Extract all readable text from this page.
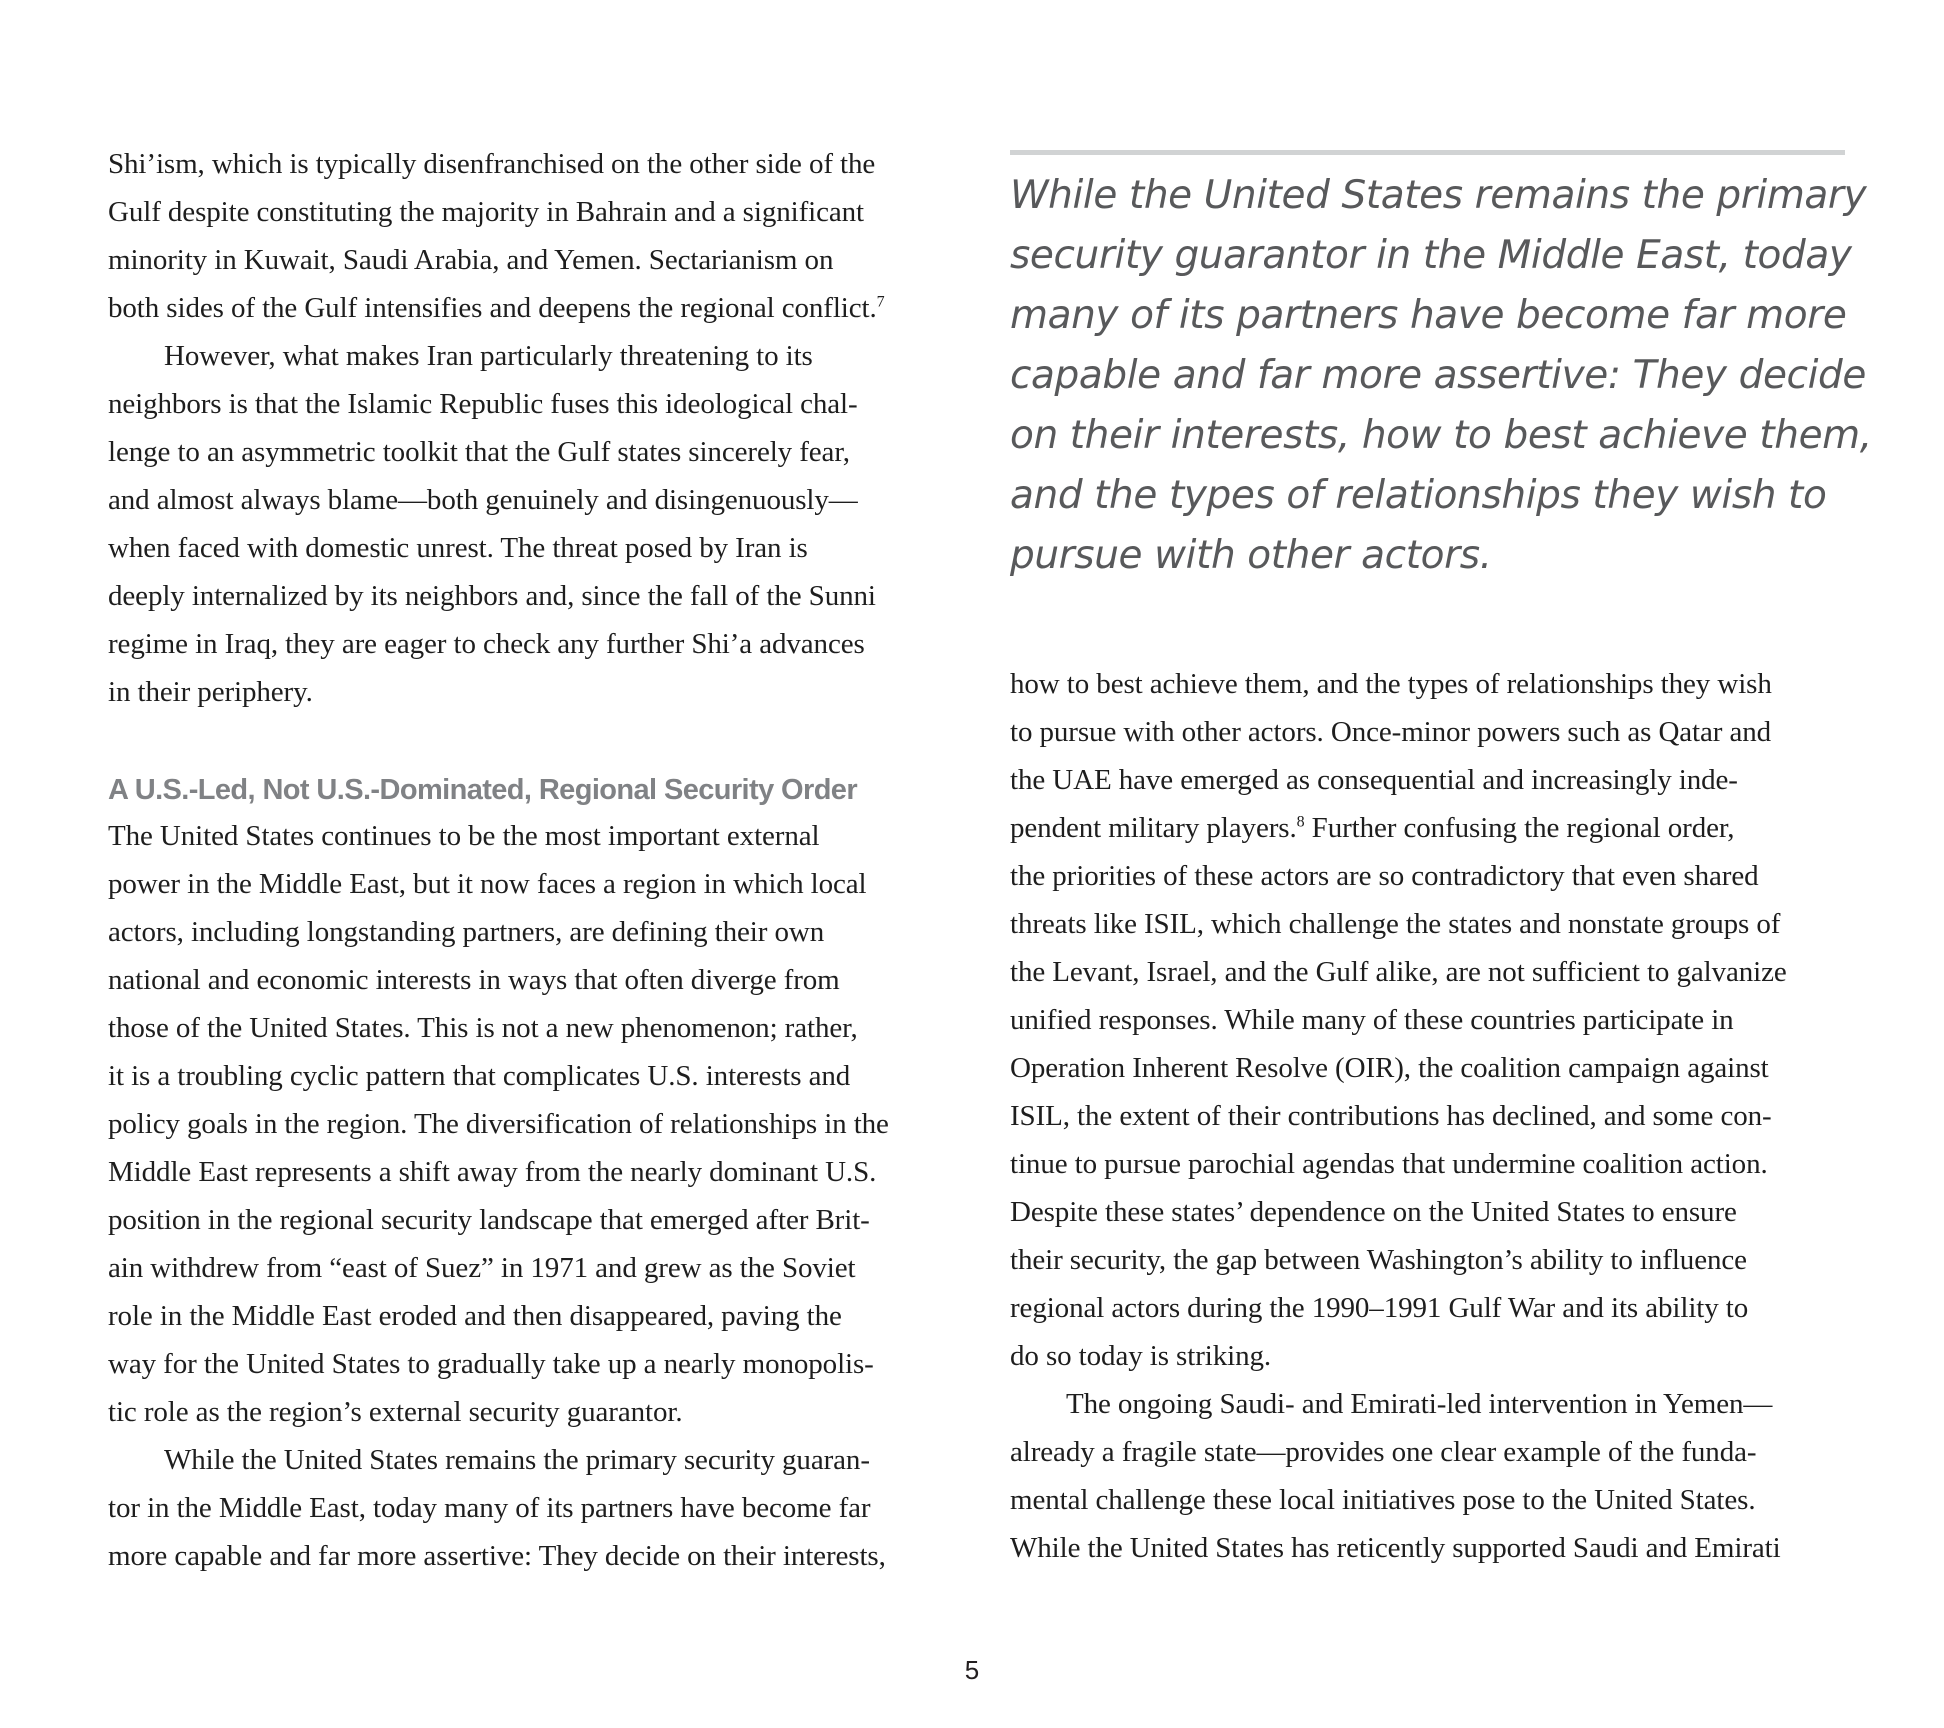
Shi’ism, which is typically disenfranchised on the other side of the
Gulf despite constituting the majority in Bahrain and a significant
minority in Kuwait, Saudi Arabia, and Yemen. Sectarianism on
both sides of the Gulf intensifies and deepens the regional conflict.$^7$
However, what makes Iran particularly threatening to its
neighbors is that the Islamic Republic fuses this ideological chal-
lenge to an asymmetric toolkit that the Gulf states sincerely fear,
and almost always blame—both genuinely and disingenuously—
when faced with domestic unrest. The threat posed by Iran is
deeply internalized by its neighbors and, since the fall of the Sunni
regime in Iraq, they are eager to check any further Shi’a advances
in their periphery.
A U.S.-Led, Not U.S.-Dominated, Regional Security Order
The United States continues to be the most important external
power in the Middle East, but it now faces a region in which local
actors, including longstanding partners, are defining their own
national and economic interests in ways that often diverge from
those of the United States. This is not a new phenomenon; rather,
it is a troubling cyclic pattern that complicates U.S. interests and
policy goals in the region. The diversification of relationships in the
Middle East represents a shift away from the nearly dominant U.S.
position in the regional security landscape that emerged after Brit-
ain withdrew from “east of Suez” in 1971 and grew as the Soviet
role in the Middle East eroded and then disappeared, paving the
way for the United States to gradually take up a nearly monopolis-
tic role as the region’s external security guarantor.
While the United States remains the primary security guaran-
tor in the Middle East, today many of its partners have become far
more capable and far more assertive: They decide on their interests,
While the United States remains the primary
security guarantor in the Middle East, today
many of its partners have become far more
capable and far more assertive: They decide
on their interests, how to best achieve them,
and the types of relationships they wish to
pursue with other actors.
how to best achieve them, and the types of relationships they wish
to pursue with other actors. Once-minor powers such as Qatar and
the UAE have emerged as consequential and increasingly inde-
pendent military players.$^8$ Further confusing the regional order,
the priorities of these actors are so contradictory that even shared
threats like ISIL, which challenge the states and nonstate groups of
the Levant, Israel, and the Gulf alike, are not sufficient to galvanize
unified responses. While many of these countries participate in
Operation Inherent Resolve (OIR), the coalition campaign against
ISIL, the extent of their contributions has declined, and some con-
tinue to pursue parochial agendas that undermine coalition action.
Despite these states’ dependence on the United States to ensure
their security, the gap between Washington’s ability to influence
regional actors during the 1990–1991 Gulf War and its ability to
do so today is striking.
The ongoing Saudi- and Emirati-led intervention in Yemen—
already a fragile state—provides one clear example of the funda-
mental challenge these local initiatives pose to the United States.
While the United States has reticently supported Saudi and Emirati
5
